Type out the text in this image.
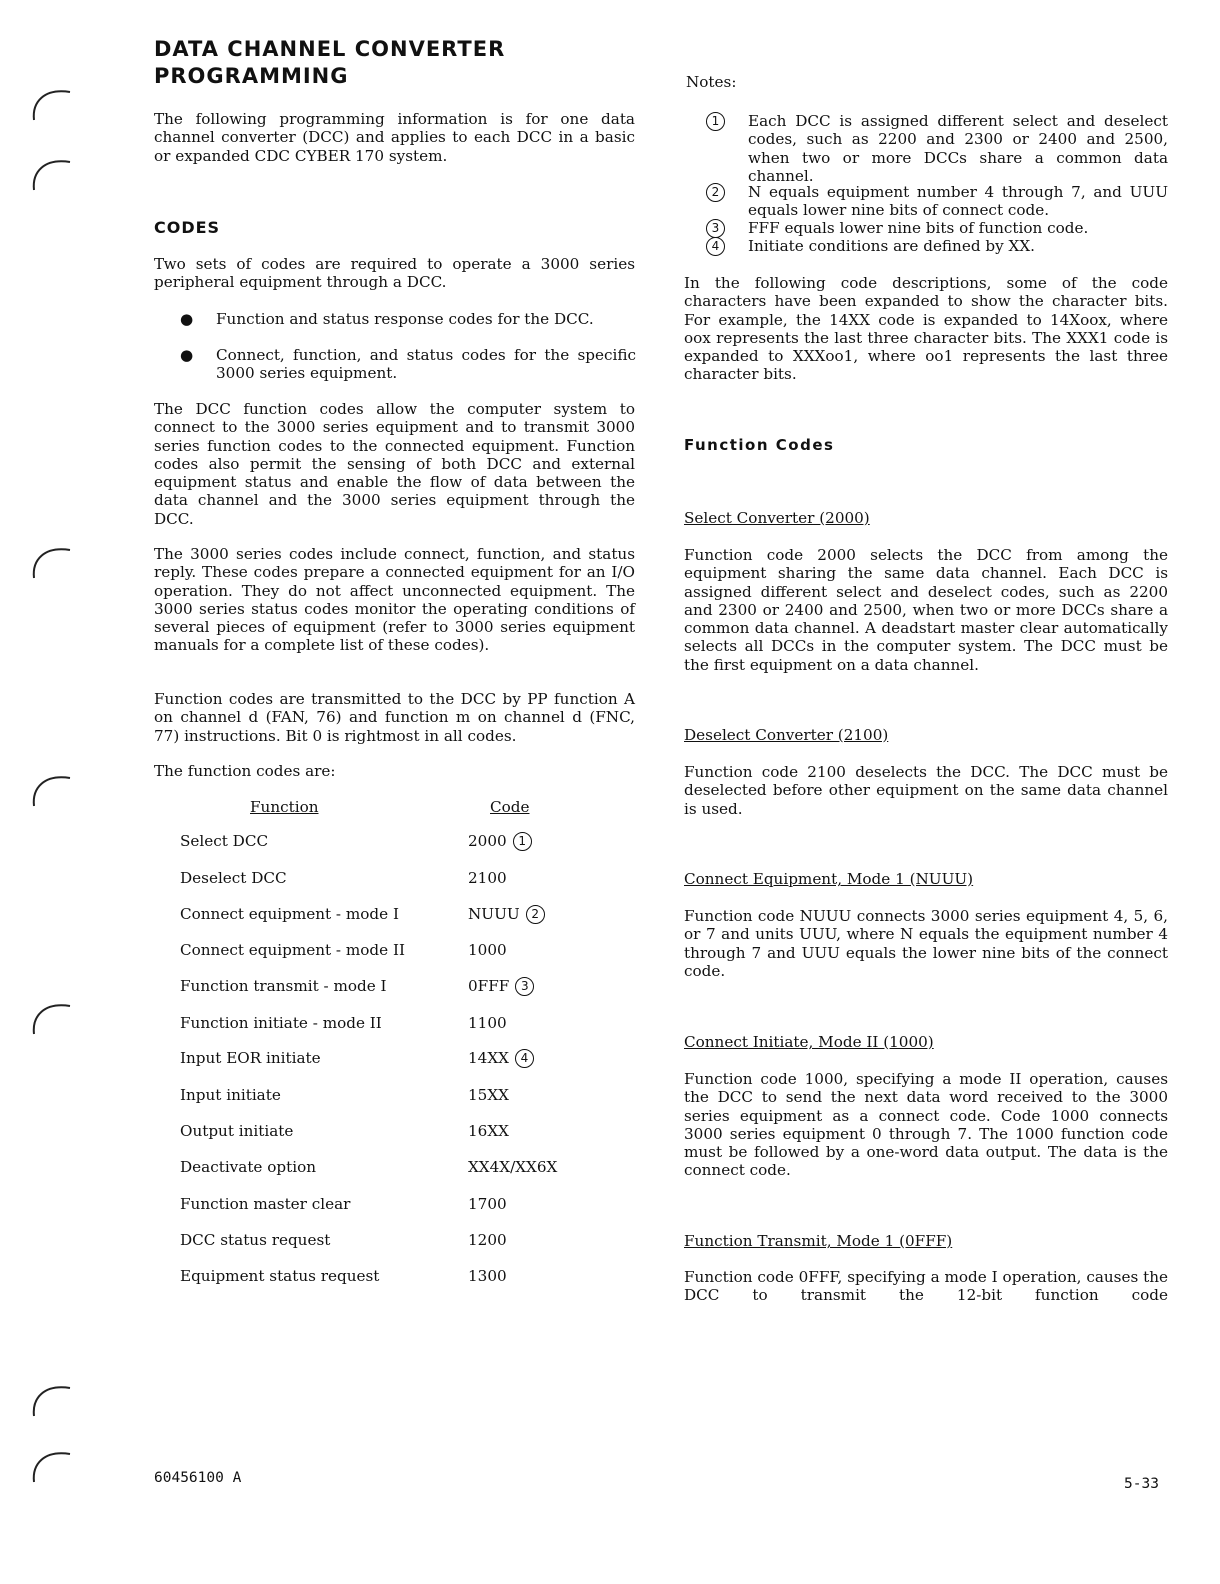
DATA CHANNEL CONVERTER
PROGRAMMING
The following programming information is for one data channel converter (DCC) and applies to each DCC in a basic or expanded CDC CYBER 170 system.
CODES
Two sets of codes are required to operate a 3000 series peripheral equipment through a DCC.
● Function and status response codes for the DCC.
● Connect, function, and status codes for the specific 3000 series equipment.
The DCC function codes allow the computer system to connect to the 3000 series equipment and to transmit 3000 series function codes to the connected equipment. Function codes also permit the sensing of both DCC and external equipment status and enable the flow of data between the data channel and the 3000 series equipment through the DCC.
The 3000 series codes include connect, function, and status reply. These codes prepare a connected equipment for an I/O operation. They do not affect unconnected equipment. The 3000 series status codes monitor the operating conditions of several pieces of equipment (refer to 3000 series equipment manuals for a complete list of these codes).
Function codes are transmitted to the DCC by PP function A on channel d (FAN, 76) and function m on channel d (FNC, 77) instructions. Bit 0 is rightmost in all codes.
The function codes are:
Function	Code
Select DCC	2000 1
Deselect DCC	2100
Connect equipment - mode I	NUUU 2
Connect equipment - mode II	1000
Function transmit - mode I	0FFF 3
Function initiate - mode II	1100
Input EOR initiate	14XX 4
Input initiate	15XX
Output initiate	16XX
Deactivate option	XX4X/XX6X
Function master clear	1700
DCC status request	1200
Equipment status request	1300
Notes:
1	Each DCC is assigned different select and deselect codes, such as 2200 and 2300 or 2400 and 2500, when two or more DCCs share a common data channel.
2	N equals equipment number 4 through 7, and UUU equals lower nine bits of connect code.
3	FFF equals lower nine bits of function code.
4	Initiate conditions are defined by XX.
In the following code descriptions, some of the code characters have been expanded to show the character bits. For example, the 14XX code is expanded to 14Xoox, where oox represents the last three character bits. The XXX1 code is expanded to XXXoo1, where oo1 represents the last three character bits.
Function Codes
Select Converter (2000)
Function code 2000 selects the DCC from among the equipment sharing the same data channel. Each DCC is assigned different select and deselect codes, such as 2200 and 2300 or 2400 and 2500, when two or more DCCs share a common data channel. A deadstart master clear automatically selects all DCCs in the computer system. The DCC must be the first equipment on a data channel.
Deselect Converter (2100)
Function code 2100 deselects the DCC. The DCC must be deselected before other equipment on the same data channel is used.
Connect Equipment, Mode 1 (NUUU)
Function code NUUU connects 3000 series equipment 4, 5, 6, or 7 and units UUU, where N equals the equipment number 4 through 7 and UUU equals the lower nine bits of the connect code.
Connect Initiate, Mode II (1000)
Function code 1000, specifying a mode II operation, causes the DCC to send the next data word received to the 3000 series equipment as a connect code. Code 1000 connects 3000 series equipment 0 through 7. The 1000 function code must be followed by a one-word data output. The data is the connect code.
Function Transmit, Mode 1 (0FFF)
Function code 0FFF, specifying a mode I operation, causes the DCC to transmit the 12-bit function code
60456100 A	5-33
